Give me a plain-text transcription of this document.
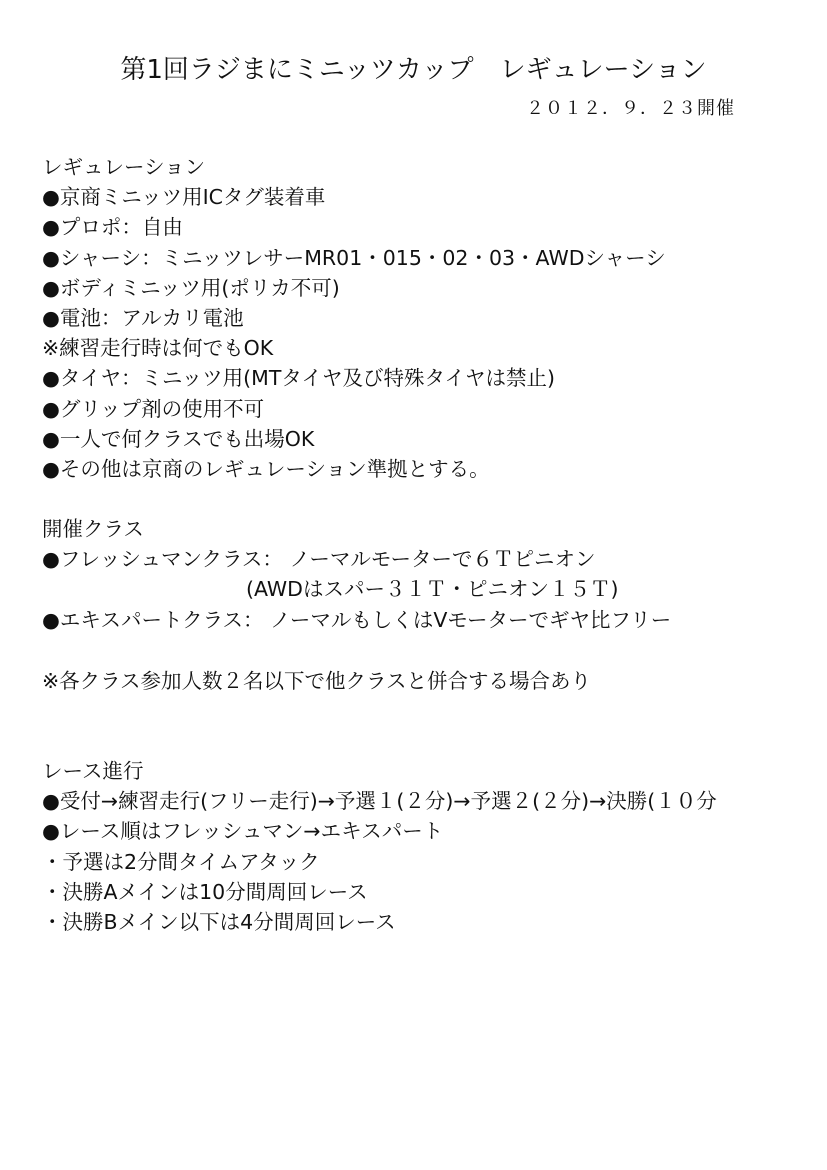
第1回ラジまにミニッツカップ　レギュレーション
２０１２．９．２３開催
レギュレーション
●京商ミニッツ用ICタグ装着車
●プロポ：自由
●シャーシ：ミニッツレサーMR01・015・02・03・AWDシャーシ
●ボディミニッツ用(ポリカ不可)
●電池：アルカリ電池
※練習走行時は何でもOK
●タイヤ：ミニッツ用(MTタイヤ及び特殊タイヤは禁止)
●グリップ剤の使用不可
●一人で何クラスでも出場OK
●その他は京商のレギュレーション準拠とする。
開催クラス
●フレッシュマンクラス： ノーマルモーターで６Ｔピニオン
(AWDはスパー３１Ｔ・ピニオン１５Ｔ)
●エキスパートクラス： ノーマルもしくはVモーターでギヤ比フリー
※各クラス参加人数２名以下で他クラスと併合する場合あり
レース進行
●受付→練習走行(フリー走行)→予選１(２分)→予選２(２分)→決勝(１０分
●レース順はフレッシュマン→エキスパート
・予選は2分間タイムアタック
・決勝Aメインは10分間周回レース
・決勝Bメイン以下は4分間周回レース
